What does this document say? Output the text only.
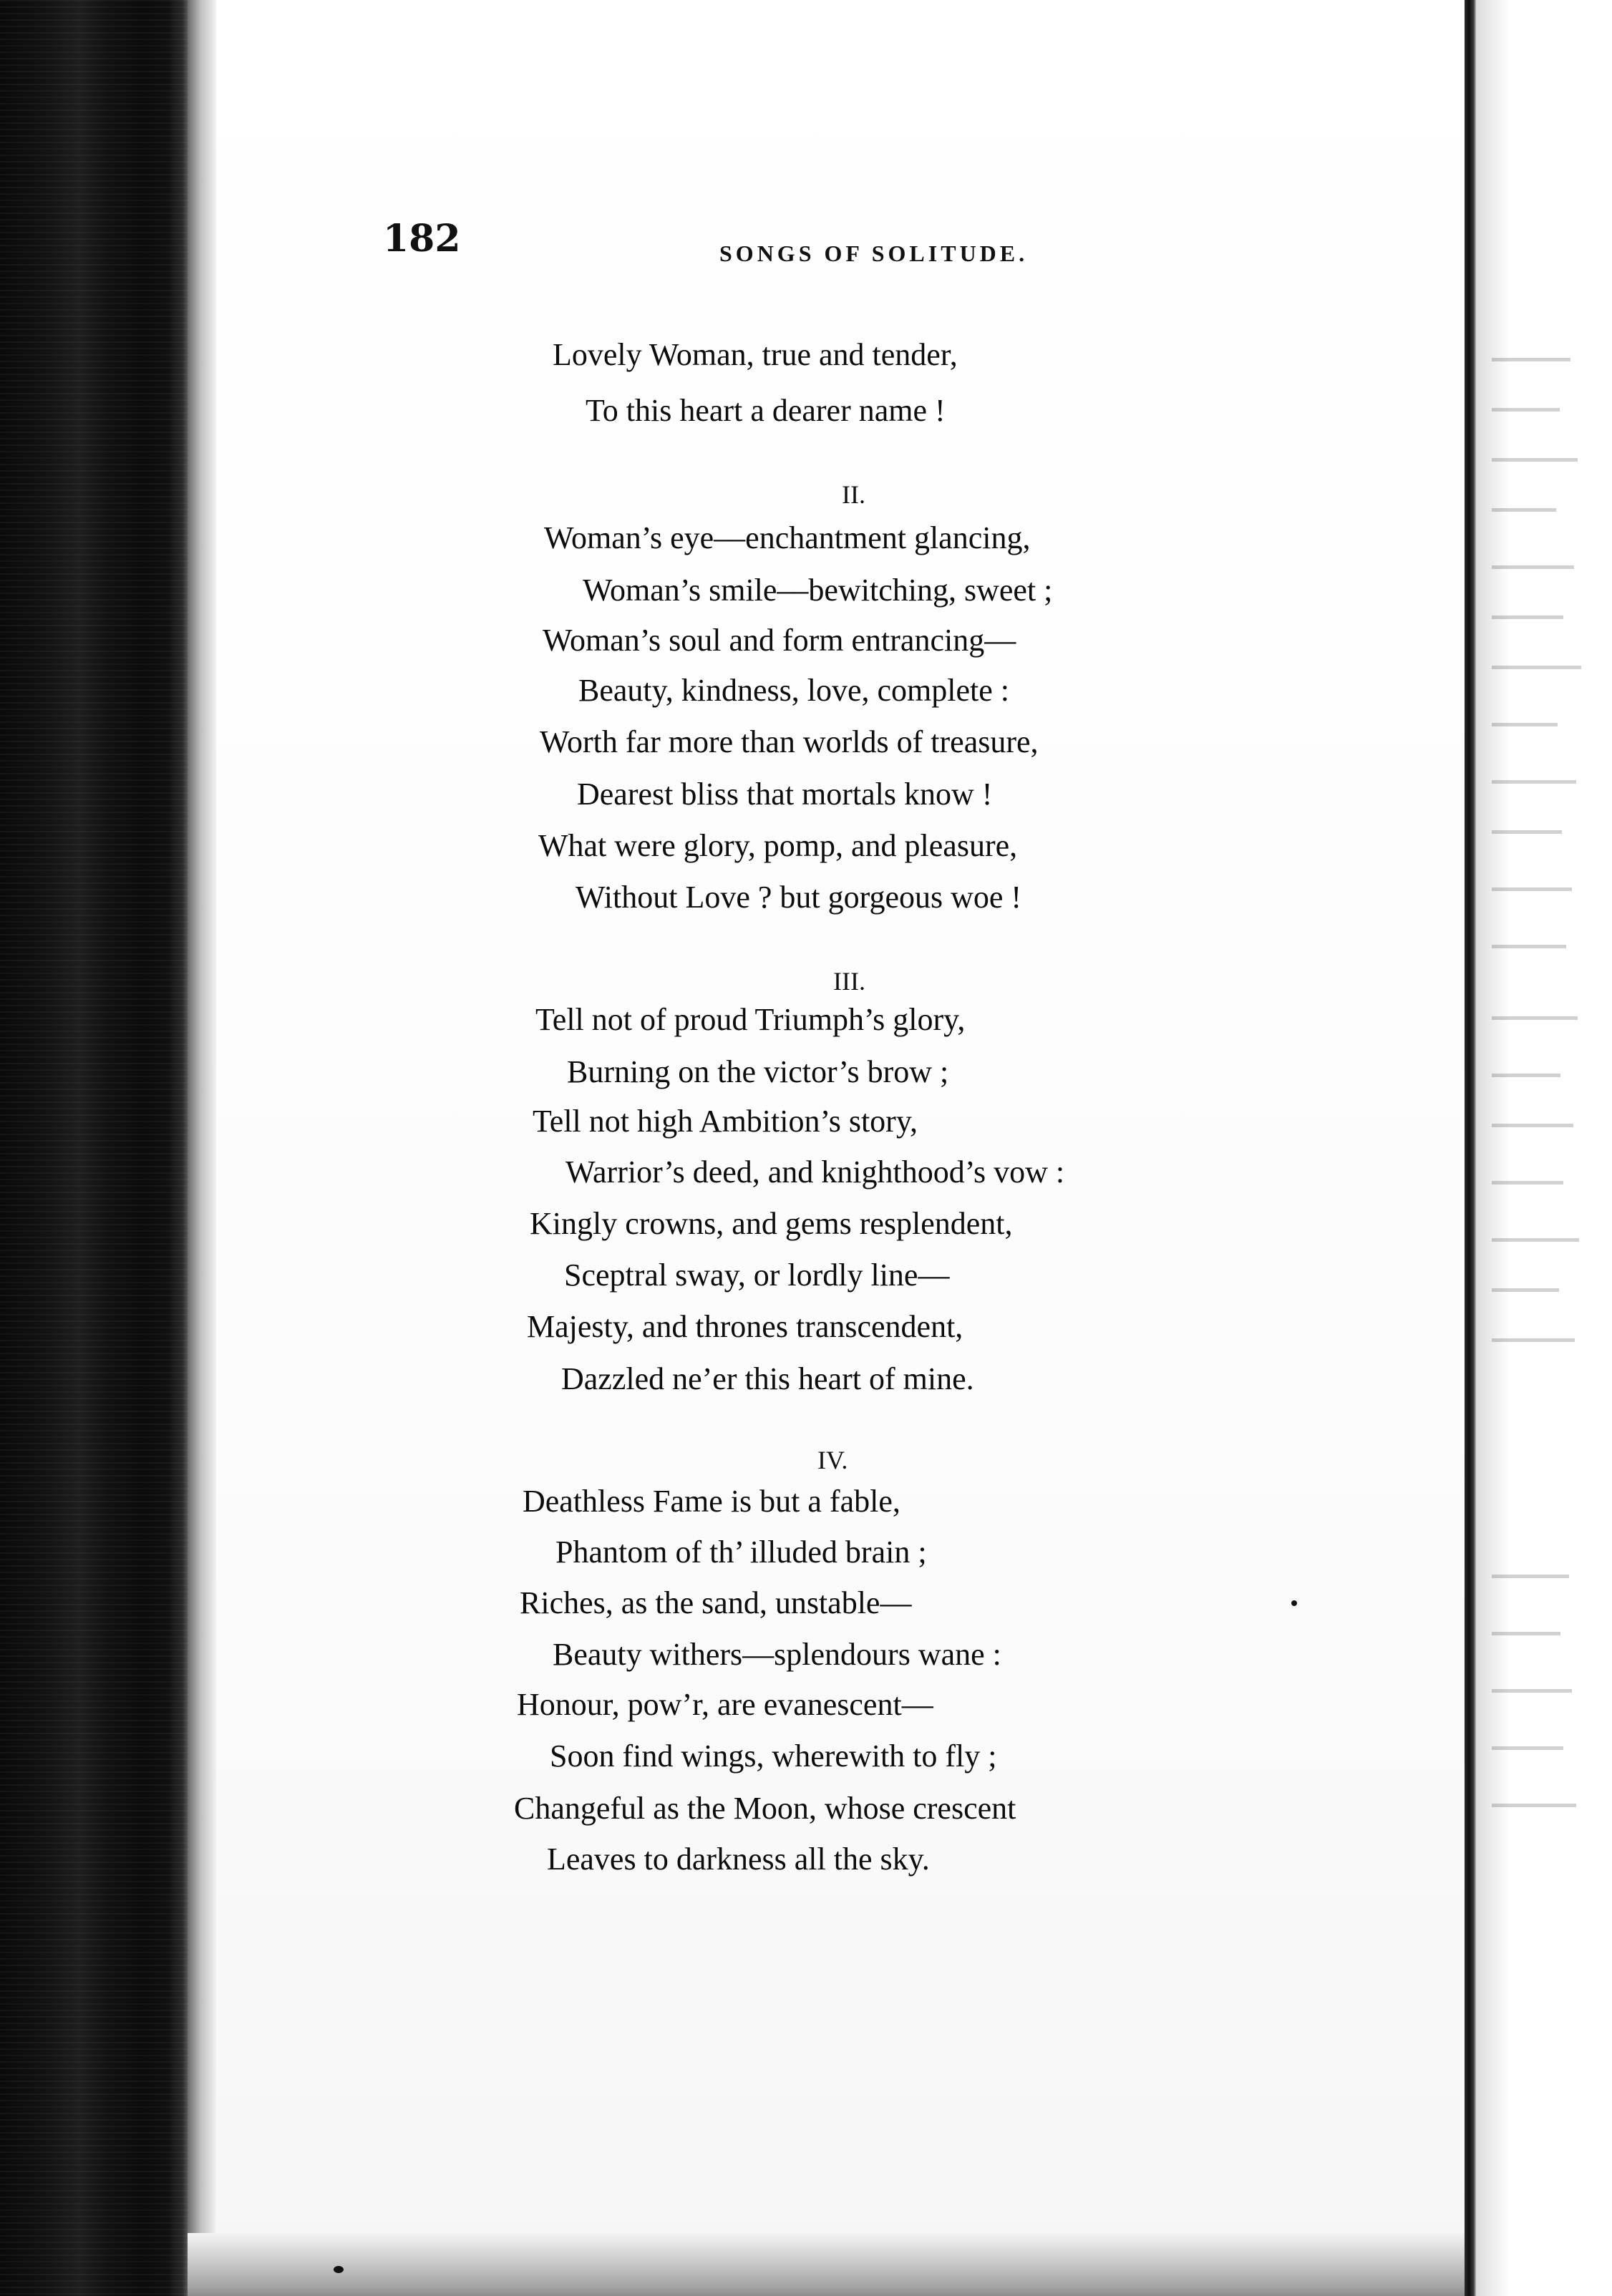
182	SONGS OF SOLITUDE.
Lovely Woman, true and tender,
To this heart a dearer name !
II.
Woman’s eye––enchantment glancing,
Woman’s smile––bewitching, sweet ;
Woman’s soul and form entrancing—
Beauty, kindness, love, complete :
Worth far more than worlds of treasure,
Dearest bliss that mortals know !
What were glory, pomp, and pleasure,
Without Love ? but gorgeous woe !
III.
Tell not of proud Triumph’s glory,
Burning on the victor’s brow ;
Tell not high Ambition’s story,
Warrior’s deed, and knighthood’s vow :
Kingly crowns, and gems resplendent,
Sceptral sway, or lordly line—
Majesty, and thrones transcendent,
Dazzled ne’er this heart of mine.
IV.
Deathless Fame is but a fable,
Phantom of th’ illuded brain ;
Riches, as the sand, unstable—
Beauty withers––splendours wane :
Honour, pow’r, are evanescent—
Soon find wings, wherewith to fly ;
Changeful as the Moon, whose crescent
Leaves to darkness all the sky.
